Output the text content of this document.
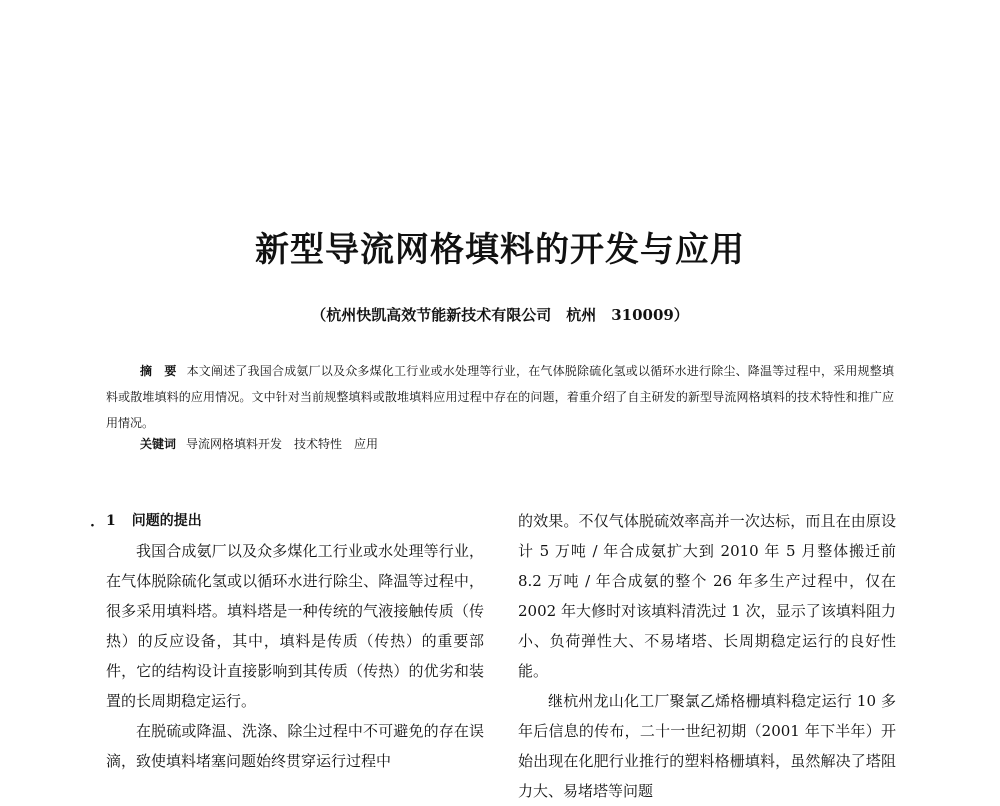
新型导流网格填料的开发与应用
（杭州快凯高效节能新技术有限公司　杭州　310009）
摘　要 本文阐述了我国合成氨厂以及众多煤化工行业或水处理等行业，在气体脱除硫化氢或以循环水进行除尘、降温等过程中，采用规整填料或散堆填料的应用情况。文中针对当前规整填料或散堆填料应用过程中存在的问题，着重介绍了自主研发的新型导流网格填料的技术特性和推广应用情况。
关键词 导流网格填料开发　技术特性　应用
· 1 问题的提出

我国合成氨厂以及众多煤化工行业或水处理等行业，在气体脱除硫化氢或以循环水进行除尘、降温等过程中，很多采用填料塔。填料塔是一种传统的气液接触传质（传热）的反应设备，其中，填料是传质（传热）的重要部件，它的结构设计直接影响到其传质（传热）的优劣和装置的长周期稳定运行。

在脱硫或降温、洗涤、除尘过程中不可避免的存在误滴，致使填料堵塞问题始终贯穿运行过程中

的效果。不仅气体脱硫效率高并一次达标，而且在由原设计 5 万吨 / 年合成氨扩大到 2010 年 5 月整体搬迁前 8.2 万吨 / 年合成氨的整个 26 年多生产过程中，仅在 2002 年大修时对该填料清洗过 1 次，显示了该填料阻力小、负荷弹性大、不易堵塔、长周期稳定运行的良好性能。

继杭州龙山化工厂聚氯乙烯格栅填料稳定运行 10 多年后信息的传布，二十一世纪初期（2001 年下半年）开始出现在化肥行业推行的塑料格栅填料，虽然解决了塔阻力大、易堵塔等问题
